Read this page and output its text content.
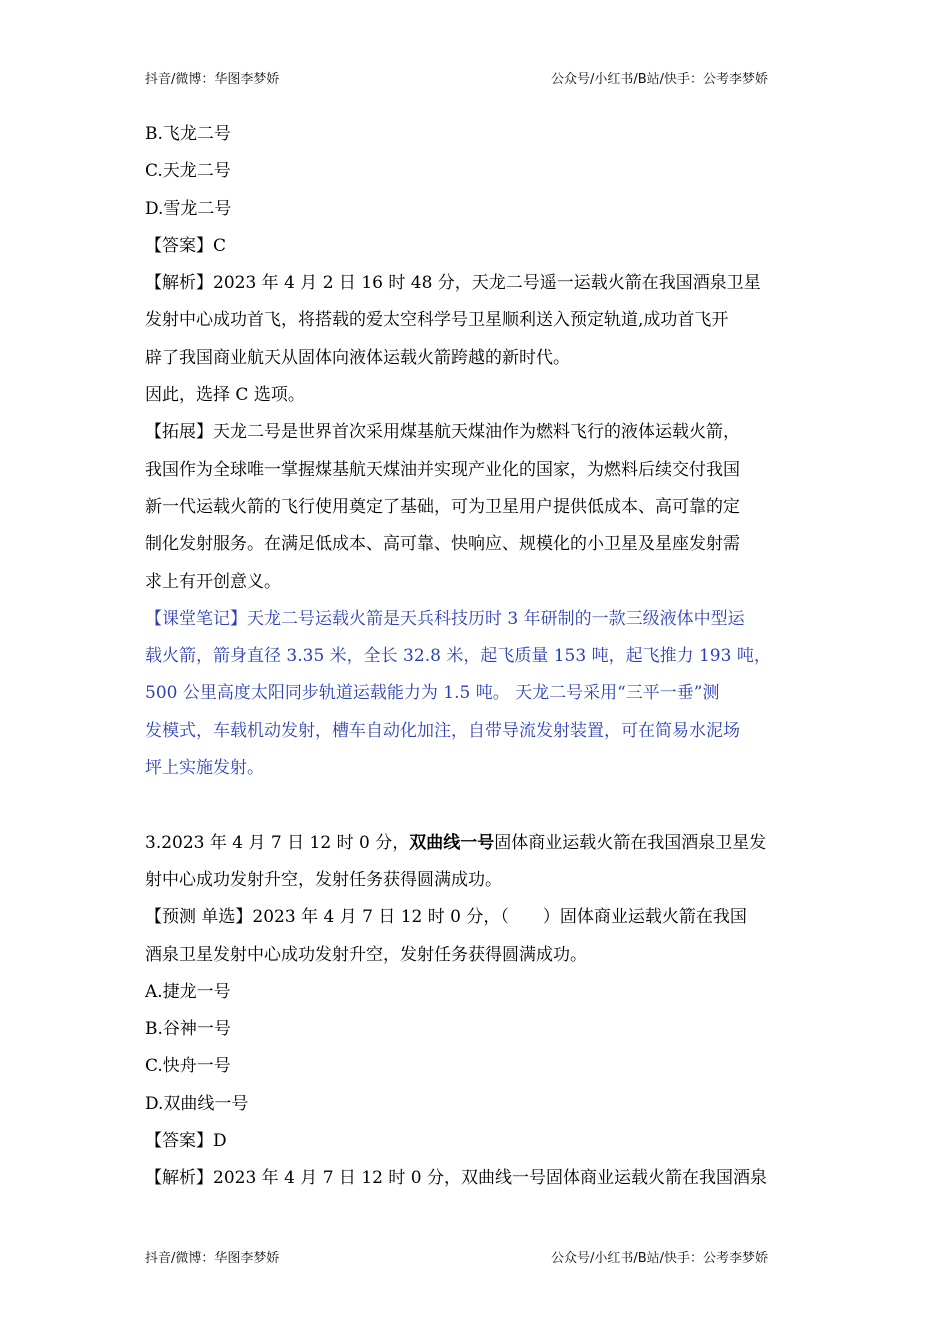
抖音/微博：华图李梦娇	公众号/小红书/B站/快手：公考李梦娇

B.飞龙二号

C.天龙二号

D.雪龙二号

【答案】C

【解析】2023 年 4 月 2 日 16 时 48 分，天龙二号遥一运载火箭在我国酒泉卫星

发射中心成功首飞，将搭载的爱太空科学号卫星顺利送入预定轨道,成功首飞开

辟了我国商业航天从固体向液体运载火箭跨越的新时代。

因此，选择 C 选项。

【拓展】天龙二号是世界首次采用煤基航天煤油作为燃料飞行的液体运载火箭，

我国作为全球唯一掌握煤基航天煤油并实现产业化的国家，为燃料后续交付我国

新一代运载火箭的飞行使用奠定了基础，可为卫星用户提供低成本、高可靠的定

制化发射服务。在满足低成本、高可靠、快响应、规模化的小卫星及星座发射需

求上有开创意义。

【课堂笔记】天龙二号运载火箭是天兵科技历时 3 年研制的一款三级液体中型运

载火箭，箭身直径 3.35 米，全长 32.8 米，起飞质量 153 吨，起飞推力 193 吨，

500 公里高度太阳同步轨道运载能力为 1.5 吨。 天龙二号采用“三平一垂”测

发模式，车载机动发射，槽车自动化加注，自带导流发射装置，可在简易水泥场

坪上实施发射。

3.2023 年 4 月 7 日 12 时 0 分，双曲线一号固体商业运载火箭在我国酒泉卫星发

射中心成功发射升空，发射任务获得圆满成功。

【预测 单选】2023 年 4 月 7 日 12 时 0 分，（　　）固体商业运载火箭在我国

酒泉卫星发射中心成功发射升空，发射任务获得圆满成功。

A.捷龙一号

B.谷神一号

C.快舟一号

D.双曲线一号

【答案】D

【解析】2023 年 4 月 7 日 12 时 0 分，双曲线一号固体商业运载火箭在我国酒泉

抖音/微博：华图李梦娇	公众号/小红书/B站/快手：公考李梦娇
